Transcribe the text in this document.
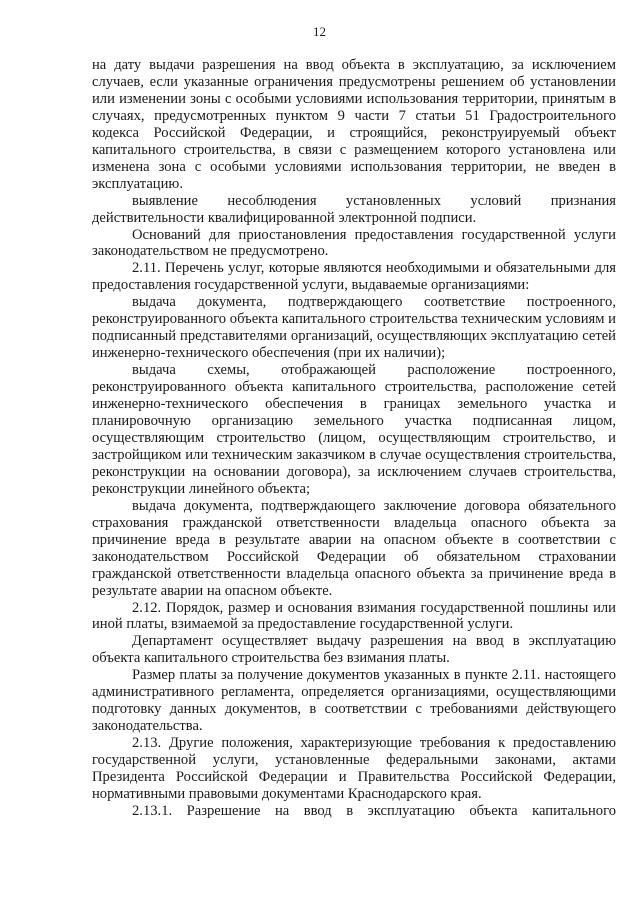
12

на дату выдачи разрешения на ввод объекта в эксплуатацию, за исключением случаев, если указанные ограничения предусмотрены решением об установлении или изменении зоны с особыми условиями использования территории, принятым в случаях, предусмотренных пунктом 9 части 7 статьи 51 Градостроительного кодекса Российской Федерации, и строящийся, реконструируемый объект капитального строительства, в связи с размещением которого установлена или изменена зона с особыми условиями использования территории, не введен в эксплуатацию.

выявление несоблюдения установленных условий признания действительности квалифицированной электронной подписи.

Оснований для приостановления предоставления государственной услуги законодательством не предусмотрено.

2.11. Перечень услуг, которые являются необходимыми и обязательными для предоставления государственной услуги, выдаваемые организациями:

выдача документа, подтверждающего соответствие построенного, реконструированного объекта капитального строительства техническим условиям и подписанный представителями организаций, осуществляющих эксплуатацию сетей инженерно-технического обеспечения (при их наличии);

выдача схемы, отображающей расположение построенного, реконструированного объекта капитального строительства, расположение сетей инженерно-технического обеспечения в границах земельного участка и планировочную организацию земельного участка подписанная лицом, осуществляющим строительство (лицом, осуществляющим строительство, и застройщиком или техническим заказчиком в случае осуществления строительства, реконструкции на основании договора), за исключением случаев строительства, реконструкции линейного объекта;

выдача документа, подтверждающего заключение договора обязательного страхования гражданской ответственности владельца опасного объекта за причинение вреда в результате аварии на опасном объекте в соответствии с законодательством Российской Федерации об обязательном страховании гражданской ответственности владельца опасного объекта за причинение вреда в результате аварии на опасном объекте.

2.12. Порядок, размер и основания взимания государственной пошлины или иной платы, взимаемой за предоставление государственной услуги.

Департамент осуществляет выдачу разрешения на ввод в эксплуатацию объекта капитального строительства без взимания платы.

Размер платы за получение документов указанных в пункте 2.11. настоящего административного регламента, определяется организациями, осуществляющими подготовку данных документов, в соответствии с требованиями действующего законодательства.

2.13. Другие положения, характеризующие требования к предоставлению государственной услуги, установленные федеральными законами, актами Президента Российской Федерации и Правительства Российской Федерации, нормативными правовыми документами Краснодарского края.

2.13.1. Разрешение на ввод в эксплуатацию объекта капитального
